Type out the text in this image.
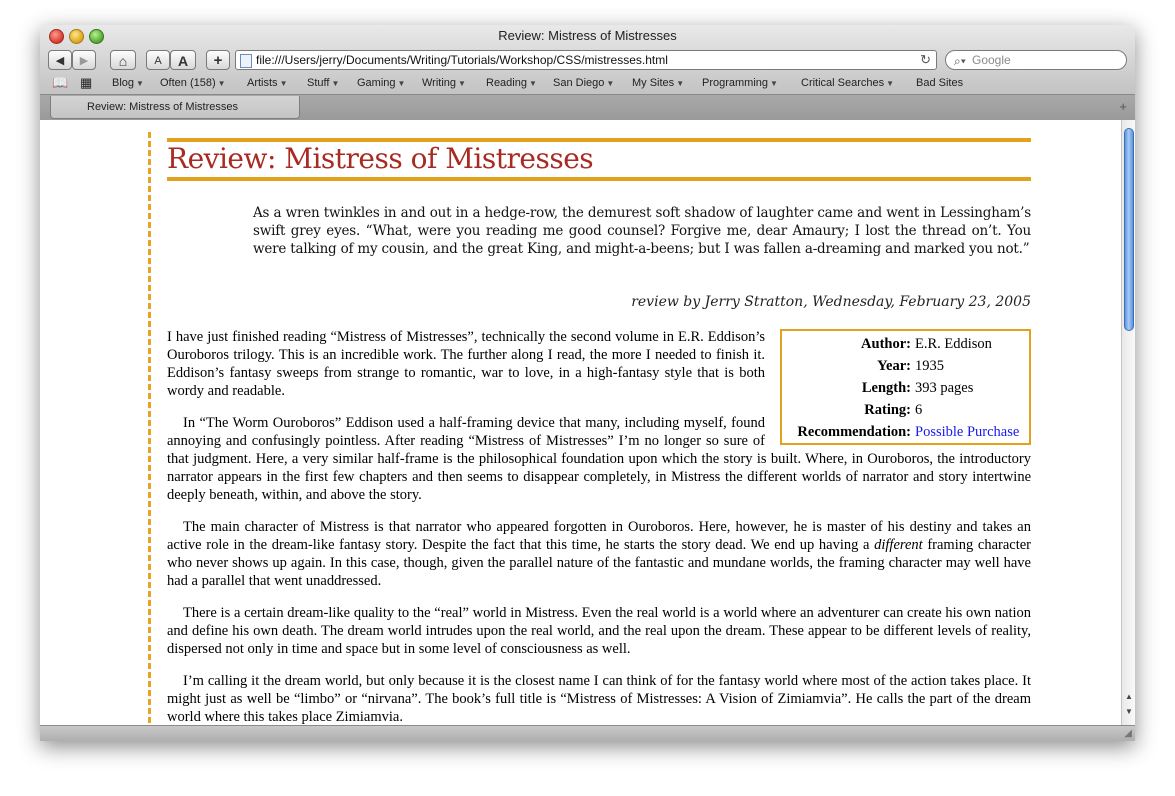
Review: Mistress of Mistresses
◀	▶	⌂	A	A	+	file:///Users/jerry/Documents/Writing/Tutorials/Workshop/CSS/mistresses.html	↻ ⌕▾ Google
📖 ▦ Blog ▼ Often (158) ▼ Artists ▼ Stuff ▼ Gaming ▼ Writing ▼ Reading ▼ San Diego ▼ My Sites ▼ Programming ▼ Critical Searches ▼ Bad Sites
Review: Mistress of Mistresses	+
Review: Mistress of Mistresses
As a wren twinkles in and out in a hedge-row, the demurest soft shadow of laughter came and went in Lessingham’s swift grey eyes. “What, were you reading me good counsel? Forgive me, dear Amaury; I lost the thread on’t. You were talking of my cousin, and the great King, and might-a-beens; but I was fallen a-dreaming and marked you not.”
review by Jerry Stratton, Wednesday, February 23, 2005
Author: E.R. Eddison
Year: 1935
Length: 393 pages
Rating: 6
Recommendation: Possible Purchase

I have just finished reading “Mistress of Mistresses”, technically the second volume in E.R. Eddison’s Ouroboros trilogy. This is an incredible work. The further along I read, the more I needed to finish it. Eddison’s fantasy sweeps from strange to romantic, war to love, in a high-fantasy style that is both wordy and readable.

In “The Worm Ouroboros” Eddison used a half-framing device that many, including myself, found annoying and confusingly pointless. After reading “Mistress of Mistresses” I’m no longer so sure of that judgment. Here, a very similar half-frame is the philosophical foundation upon which the story is built. Where, in Ouroboros, the introductory narrator appears in the first few chapters and then seems to disappear completely, in Mistress the different worlds of narrator and story intertwine deeply beneath, within, and above the story.

The main character of Mistress is that narrator who appeared forgotten in Ouroboros. Here, however, he is master of his destiny and takes an active role in the dream-like fantasy story. Despite the fact that this time, he starts the story dead. We end up having a different framing character who never shows up again. In this case, though, given the parallel nature of the fantastic and mundane worlds, the framing character may well have had a parallel that went unaddressed.

There is a certain dream-like quality to the “real” world in Mistress. Even the real world is a world where an adventurer can create his own nation and define his own death. The dream world intrudes upon the real world, and the real upon the dream. These appear to be different levels of reality, dispersed not only in time and space but in some level of consciousness as well.

I’m calling it the dream world, but only because it is the closest name I can think of for the fantasy world where most of the action takes place. It might just as well be “limbo” or “nirvana”. The book’s full title is “Mistress of Mistresses: A Vision of Zimiamvia”. He calls the part of the dream world where this takes place Zimiamvia.

▲
▼
◢
